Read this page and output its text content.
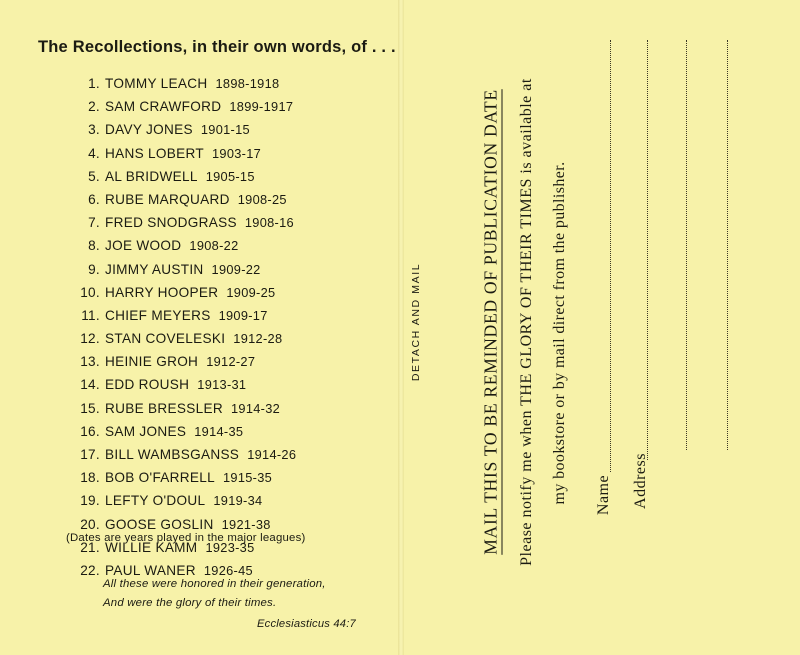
The Recollections, in their own words, of . . .
1. TOMMY LEACH 1898-1918
2. SAM CRAWFORD 1899-1917
3. DAVY JONES 1901-15
4. HANS LOBERT 1903-17
5. AL BRIDWELL 1905-15
6. RUBE MARQUARD 1908-25
7. FRED SNODGRASS 1908-16
8. JOE WOOD 1908-22
9. JIMMY AUSTIN 1909-22
10. HARRY HOOPER 1909-25
11. CHIEF MEYERS 1909-17
12. STAN COVELESKI 1912-28
13. HEINIE GROH 1912-27
14. EDD ROUSH 1913-31
15. RUBE BRESSLER 1914-32
16. SAM JONES 1914-35
17. BILL WAMBSGANSS 1914-26
18. BOB O'FARRELL 1915-35
19. LEFTY O'DOUL 1919-34
20. GOOSE GOSLIN 1921-38
21. WILLIE KAMM 1923-35
22. PAUL WANER 1926-45
(Dates are years played in the major leagues)
All these were honored in their generation,
And were the glory of their times.
Ecclesiasticus 44:7
DETACH AND MAIL	MAIL THIS TO BE REMINDED OF PUBLICATION DATE Please notify me when THE GLORY OF THEIR TIMES is available at my bookstore or by mail direct from the publisher. Name Address
